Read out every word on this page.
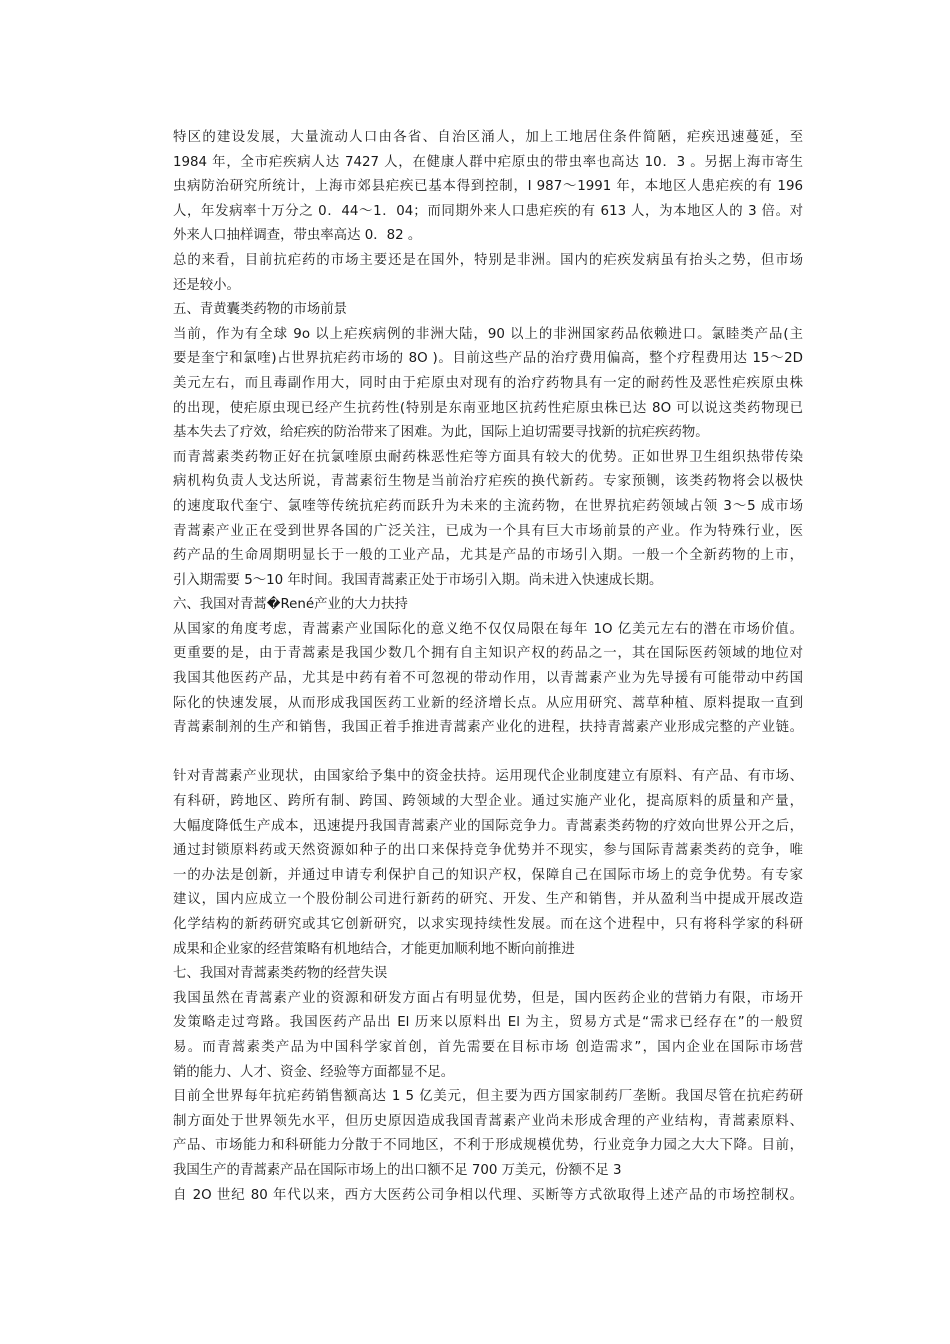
特区的建设发展，大量流动人口由各省、自治区涌人，加上工地居住条件简陋，疟疾迅速蔓延，至
1984 年，全市疟疾病人达 7427 人，在健康人群中疟原虫的带虫率也高达 10．3 。另据上海市寄生
虫病防治研究所统计，上海市郊县疟疾已基本得到控制，I 987～1991 年，本地区人患疟疾的有 196
人，年发病率十万分之 0．44～1．04；而同期外来人口患疟疾的有 613 人，为本地区人的 3 倍。对
外来人口抽样调查，带虫率高达 0．82 。
总的来看，目前抗疟药的市场主要还是在国外，特别是非洲。国内的疟疾发病虽有抬头之势，但市场
还是较小。
五、青黄囊类药物的市场前景
当前，作为有全球 9o 以上疟疾病例的非洲大陆，90 以上的非洲国家药品依赖进口。氯睦类产品(主
要是奎宁和氯喹)占世界抗疟药市场的 8O )。目前这些产品的治疗费用偏高，整个疗程费用达 15～2D
美元左右，而且毒副作用大，同时由于疟原虫对现有的治疗药物具有一定的耐药性及恶性疟疾原虫株
的出现，使疟原虫现已经产生抗药性(特别是东南亚地区抗药性疟原虫株已达 8O 可以说这类药物现已
基本失去了疗效，给疟疾的防治带来了困难。为此，国际上迫切需要寻找新的抗疟疾药物。
而青蒿素类药物正好在抗氯喹原虫耐药株恶性疟等方面具有较大的优势。正如世界卫生组织热带传染
病机构负责人戈达所说，青蒿素衍生物是当前治疗疟疾的换代新药。专家预铡，该类药物将会以极快
的速度取代奎宁、氯喹等传统抗疟药而跃升为未来的主流药物，在世界抗疟药领域占领 3～5 成市场
青蒿素产业正在受到世界各国的广泛关注，已成为一个具有巨大市场前景的产业。作为特殊行业，医
药产品的生命周期明显长于一般的工业产品，尤其是产品的市场引入期。一般一个全新药物的上市，
引入期需要 5～10 年时间。我国青蒿素正处于市场引入期。尚未进入快速成长期。
六、我国对青蒿�René产业的大力扶持
从国家的角度考虑，青蒿素产业国际化的意义绝不仅仅局限在每年 1O 亿美元左右的潜在市场价值。
更重要的是，由于青蒿素是我国少数几个拥有自主知识产权的药品之一，其在国际医药领域的地位对
我国其他医药产品，尤其是中药有着不可忽视的带动作用，以青蒿素产业为先导援有可能带动中药国
际化的快速发展，从而形成我国医药工业新的经济增长点。从应用研究、蒿草种植、原料提取一直到
青蒿素制剂的生产和销售，我国正着手推进青蒿素产业化的进程，扶持青蒿素产业形成完整的产业链。
针对青蒿素产业现状，由国家给予集中的资金扶持。运用现代企业制度建立有原料、有产品、有市场、
有科研，跨地区、跨所有制、跨国、跨领域的大型企业。通过实施产业化，提高原料的质量和产量，
大幅度降低生产成本，迅速提丹我国青蒿素产业的国际竞争力。青蒿素类药物的疗效向世界公开之后，
通过封锁原料药或天然资源如种子的出口来保持竞争优势并不现实，参与国际青蒿素类药的竞争，唯
一的办法是创新，并通过申请专利保护自己的知识产权，保障自己在国际市场上的竞争优势。有专家
建议，国内应成立一个股份制公司进行新药的研究、开发、生产和销售，并从盈利当中提成开展改造
化学结构的新药研究或其它创新研究，以求实现持续性发展。而在这个进程中，只有将科学家的科研
成果和企业家的经营策略有机地结合，才能更加顺利地不断向前推进
七、我国对青蒿素类药物的经营失误
我国虽然在青蒿素产业的资源和研发方面占有明显优势，但是，国内医药企业的营销力有限，市场开
发策略走过弯路。我国医药产品出 El 历来以原料出 El 为主，贸易方式是“需求已经存在”的一般贸
易。而青蒿素类产品为中国科学家首创，首先需要在目标市场 创造需求”，国内企业在国际市场营
销的能力、人才、资金、经验等方面都显不足。
目前全世界每年抗疟药销售额高达 1 5 亿美元，但主要为西方国家制药厂垄断。我国尽管在抗疟药研
制方面处于世界领先水平，但历史原因造成我国青蒿素产业尚未形成舍理的产业结构，青蒿素原料、
产品、市场能力和科研能力分散于不同地区，不利于形成规模优势，行业竞争力园之大大下降。目前，
我国生产的青蒿素产品在国际市场上的出口额不足 700 万美元，份额不足 3
自 2O 世纪 80 年代以来，西方大医药公司争相以代理、买断等方式欲取得上述产品的市场控制权。
